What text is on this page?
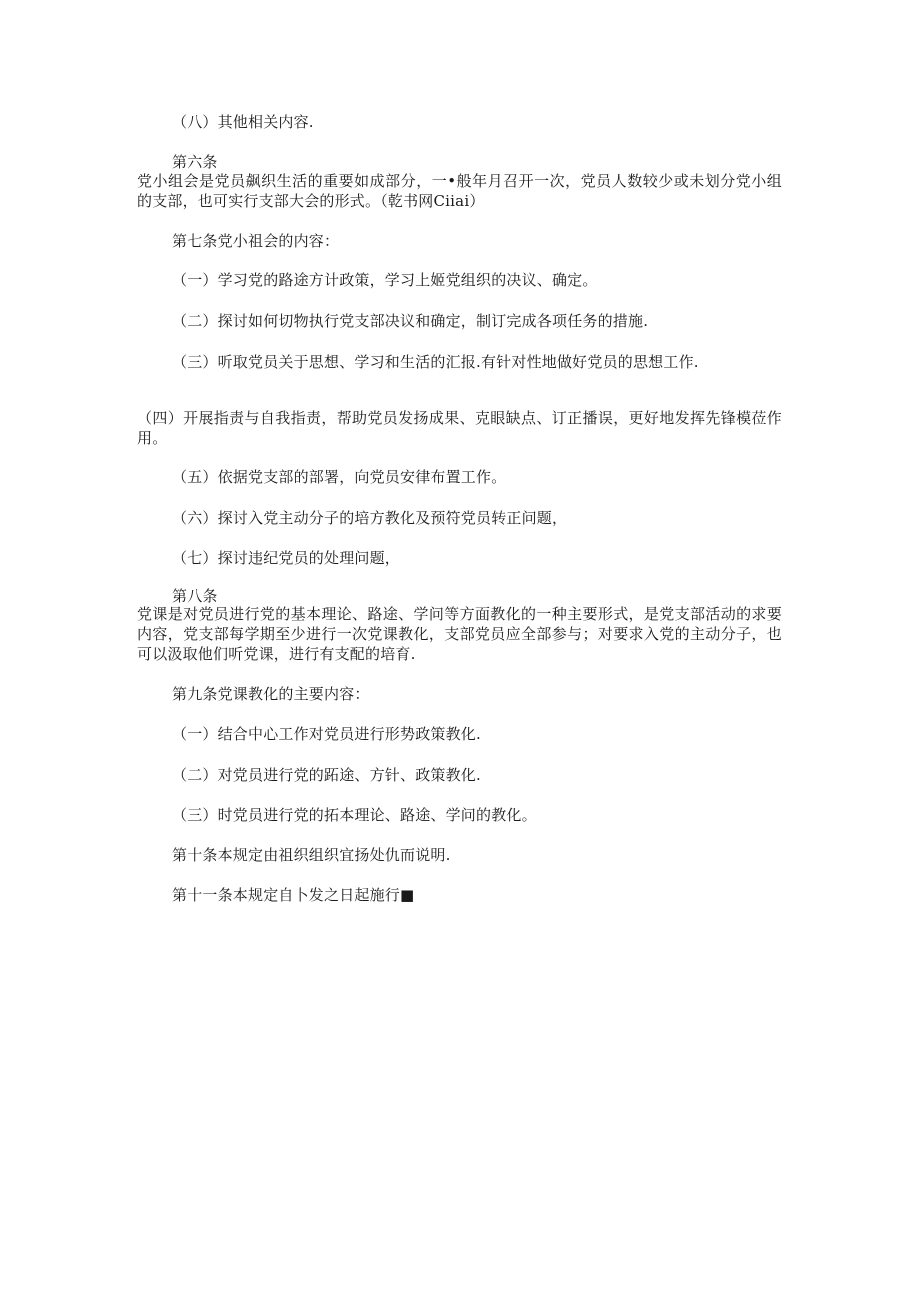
（八）其他相关内容.

第六条

党小组会是党员飙织生活的重要如成部分，一•般年月召开一次，党员人数较少或未划分党小组的支部，也可实行支部大会的形式。（乾书网Ciiai）

第七条党小祖会的内容：

（一）学习党的路途方计政策，学习上姬党组织的决议、确定。

（二）探讨如何切物执行党支部决议和确定，制订完成各项任务的措施.

（三）听取党员关于思想、学习和生活的汇报.有针对性地做好党员的思想工作.

（四）开展指责与自我指责，帮助党员发扬成果、克眼缺点、订正播误，更好地发挥先锋模莅作用。

（五）依据党支部的部署，向党员安律布置工作。

（六）探讨入党主动分子的培方教化及预符党员转正问题，

（七）探讨违纪党员的处理问题，

第八条

党课是对党员进行党的基本理论、路途、学问等方面教化的一种主要形式，是党支部活动的求要内容，党支部每学期至少进行一次党课教化，支部党员应全部参与；对要求入党的主动分子，也可以汲取他们听党课，进行有支配的培育.

第九条党课教化的主要内容：

（一）结合中心工作对党员进行形势政策教化.

（二）对党员进行党的跖途、方针、政策教化.

（三）时党员进行党的拓本理论、路途、学问的教化。

第十条本规定由祖织组织宜扬处仇而说明.

第十一条本规定自卜发之日起施行■
